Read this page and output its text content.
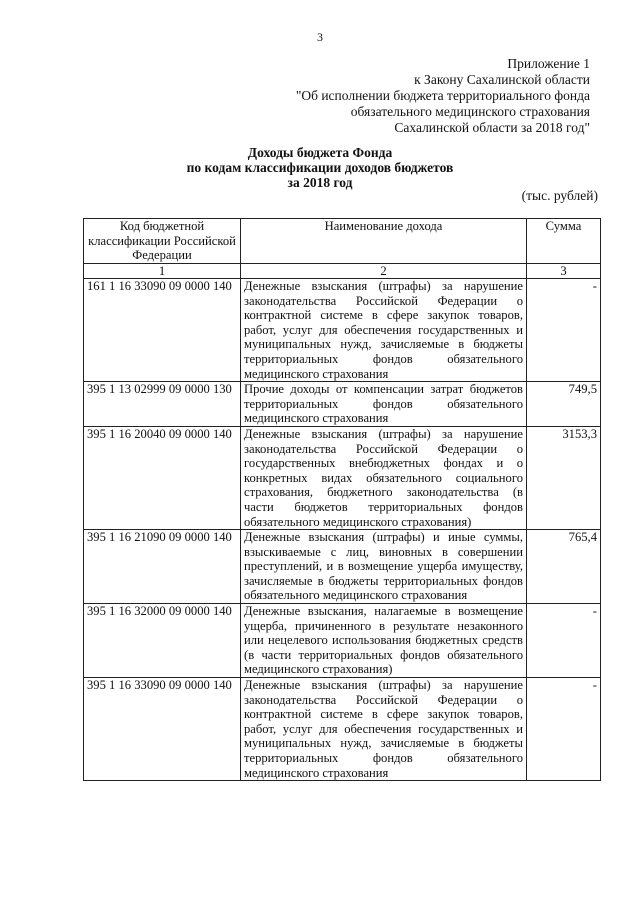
3
Приложение 1
к Закону Сахалинской области
"Об исполнении бюджета территориального фонда
обязательного медицинского страхования
Сахалинской области за 2018 год"
Доходы бюджета Фонда
по кодам классификации доходов бюджетов
за 2018 год
(тыс. рублей)
Код бюджетной классификации Российской Федерации	Наименование дохода	Сумма
1	2	3
161 1 16 33090 09 0000 140	Денежные взыскания (штрафы) за нарушение законодательства Российской Федерации о контрактной системе в сфере закупок товаров, работ, услуг для обеспечения государственных и муниципальных нужд, зачисляемые в бюджеты территориальных фондов обязательного медицинского страхования	-
395 1 13 02999 09 0000 130	Прочие доходы от компенсации затрат бюджетов территориальных фондов обязательного медицинского страхования	749,5
395 1 16 20040 09 0000 140	Денежные взыскания (штрафы) за нарушение законодательства Российской Федерации о государственных внебюджетных фондах и о конкретных видах обязательного социального страхования, бюджетного законодательства (в части бюджетов территориальных фондов обязательного медицинского страхования)	3153,3
395 1 16 21090 09 0000 140	Денежные взыскания (штрафы) и иные суммы, взыскиваемые с лиц, виновных в совершении преступлений, и в возмещение ущерба имуществу, зачисляемые в бюджеты территориальных фондов обязательного медицинского страхования	765,4
395 1 16 32000 09 0000 140	Денежные взыскания, налагаемые в возмещение ущерба, причиненного в результате незаконного или нецелевого использования бюджетных средств (в части территориальных фондов обязательного медицинского страхования)	-
395 1 16 33090 09 0000 140	Денежные взыскания (штрафы) за нарушение законодательства Российской Федерации о контрактной системе в сфере закупок товаров, работ, услуг для обеспечения государственных и муниципальных нужд, зачисляемые в бюджеты территориальных фондов обязательного медицинского страхования	-
